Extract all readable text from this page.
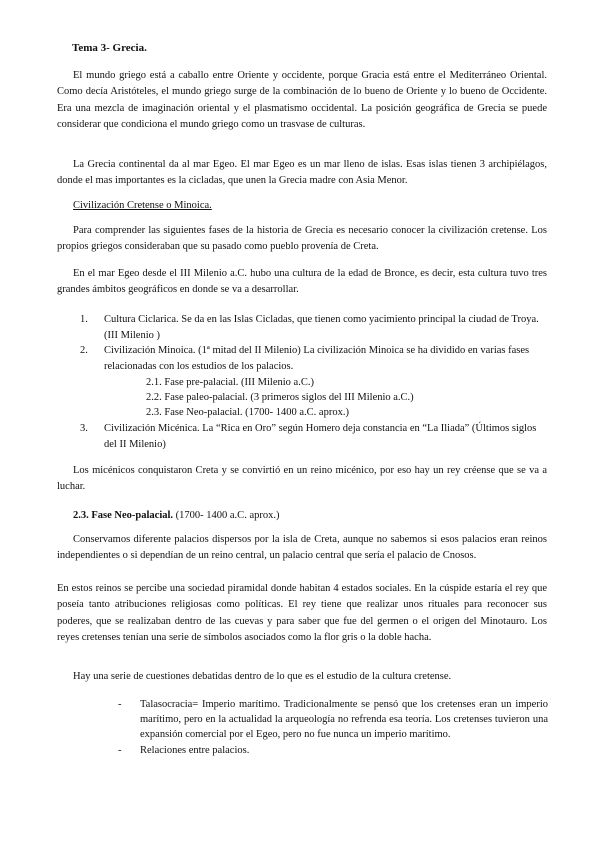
Tema 3- Grecia.

El mundo griego está a caballo entre Oriente y occidente, porque Gracia está entre el Mediterráneo Oriental. Como decía Aristóteles, el mundo griego surge de la combinación de lo bueno de Oriente y lo bueno de Occidente. Era una mezcla de imaginación oriental y el plasmatismo occidental. La posición geográfica de Grecia se puede considerar que condiciona el mundo griego como un trasvase de culturas.

La Grecia continental da al mar Egeo. El mar Egeo es un mar lleno de islas. Esas islas tienen 3 archipiélagos, donde el mas importantes es la cicladas, que unen la Grecia madre con Asia Menor.

Civilización Cretense o Minoica.

Para comprender las siguientes fases de la historia de Grecia es necesario conocer la civilización cretense. Los propios griegos consideraban que su pasado como pueblo provenía de Creta.

En el mar Egeo desde el III Milenio a.C. hubo una cultura de la edad de Bronce, es decir, esta cultura tuvo tres grandes ámbitos geográficos en donde se va a desarrollar.

1.	Cultura Ciclarica. Se da en las Islas Cicladas, que tienen como yacimiento principal la ciudad de Troya. (III Milenio )
2.	Civilización Minoica. (1ª mitad del II Milenio) La civilización Minoica se ha dividido en varias fases relacionadas con los estudios de los palacios.
2.1. Fase pre-palacial. (III Milenio a.C.)
2.2. Fase paleo-palacial. (3 primeros siglos del III Milenio a.C.)
2.3. Fase Neo-palacial. (1700- 1400 a.C. aprox.)
3.	Civilización Micénica. La “Rica en Oro” según Homero deja constancia en “La Iliada” (Últimos siglos del II Milenio)

Los micénicos conquistaron Creta y se convirtió en un reino micénico, por eso hay un rey créense que se va a luchar.

2.3. Fase Neo-palacial. (1700- 1400 a.C. aprox.)

Conservamos diferente palacios dispersos por la isla de Creta, aunque no sabemos si esos palacios eran reinos independientes o si dependían de un reino central, un palacio central que sería el palacio de Cnosos.

En estos reinos se percibe una sociedad piramidal donde habitan 4 estados sociales. En la cúspide estaría el rey que poseía tanto atribuciones religiosas como políticas. El rey tiene que realizar unos rituales para reconocer sus poderes, que se realizaban dentro de las cuevas y para saber que fue del germen o el origen del Minotauro. Los reyes cretenses tenían una serie de símbolos asociados como la flor gris o la doble hacha.

Hay una serie de cuestiones debatidas dentro de lo que es el estudio de la cultura cretense.

-	Talasocracia= Imperio marítimo. Tradicionalmente se pensó que los cretenses eran un imperio marítimo, pero en la actualidad la arqueología no refrenda esa teoría. Los cretenses tuvieron una expansión comercial por el Egeo, pero no fue nunca un imperio marítimo.
-	Relaciones entre palacios.
